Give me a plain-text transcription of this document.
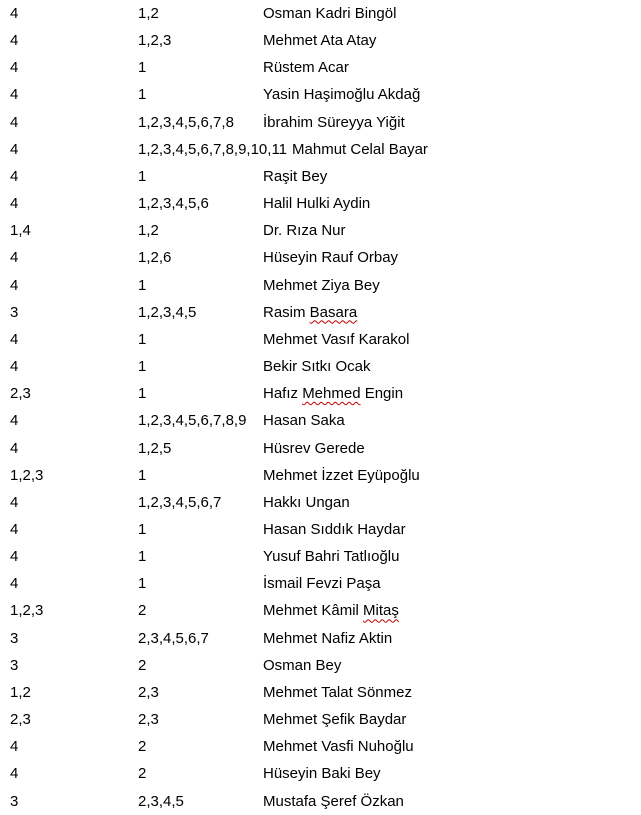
4	1,2	Osman Kadri Bingöl
4	1,2,3	Mehmet Ata Atay
4	1	Rüstem Acar
4	1	Yasin Haşimoğlu Akdağ
4	1,2,3,4,5,6,7,8 İbrahim Süreyya Yiğit
4	1,2,3,4,5,6,7,8,9,10,11 Mahmut Celal Bayar
4	1	Raşit Bey
4	1,2,3,4,5,6	Halil Hulki Aydin
1,4	1,2	Dr. Rıza Nur
4	1,2,6	Hüseyin Rauf Orbay
4	1	Mehmet Ziya Bey
3	1,2,3,4,5	Rasim Basara
4	1	Mehmet Vasıf Karakol
4	1	Bekir Sıtkı Ocak
2,3	1	Hafız Mehmed Engin
4	1,2,3,4,5,6,7,8,9 Hasan Saka
4	1,2,5	Hüsrev Gerede
1,2,3	1	Mehmet İzzet Eyüpoğlu
4	1,2,3,4,5,6,7	Hakkı Ungan
4	1	Hasan Sıddık Haydar
4	1	Yusuf Bahri Tatlıoğlu
4	1	İsmail Fevzi Paşa
1,2,3	2	Mehmet Kâmil Mitaş
3	2,3,4,5,6,7	Mehmet Nafiz Aktin
3	2	Osman Bey
1,2	2,3	Mehmet Talat Sönmez
2,3	2,3	Mehmet Şefik Baydar
4	2	Mehmet Vasfi Nuhoğlu
4	2	Hüseyin Baki Bey
3	2,3,4,5	Mustafa Şeref Özkan
